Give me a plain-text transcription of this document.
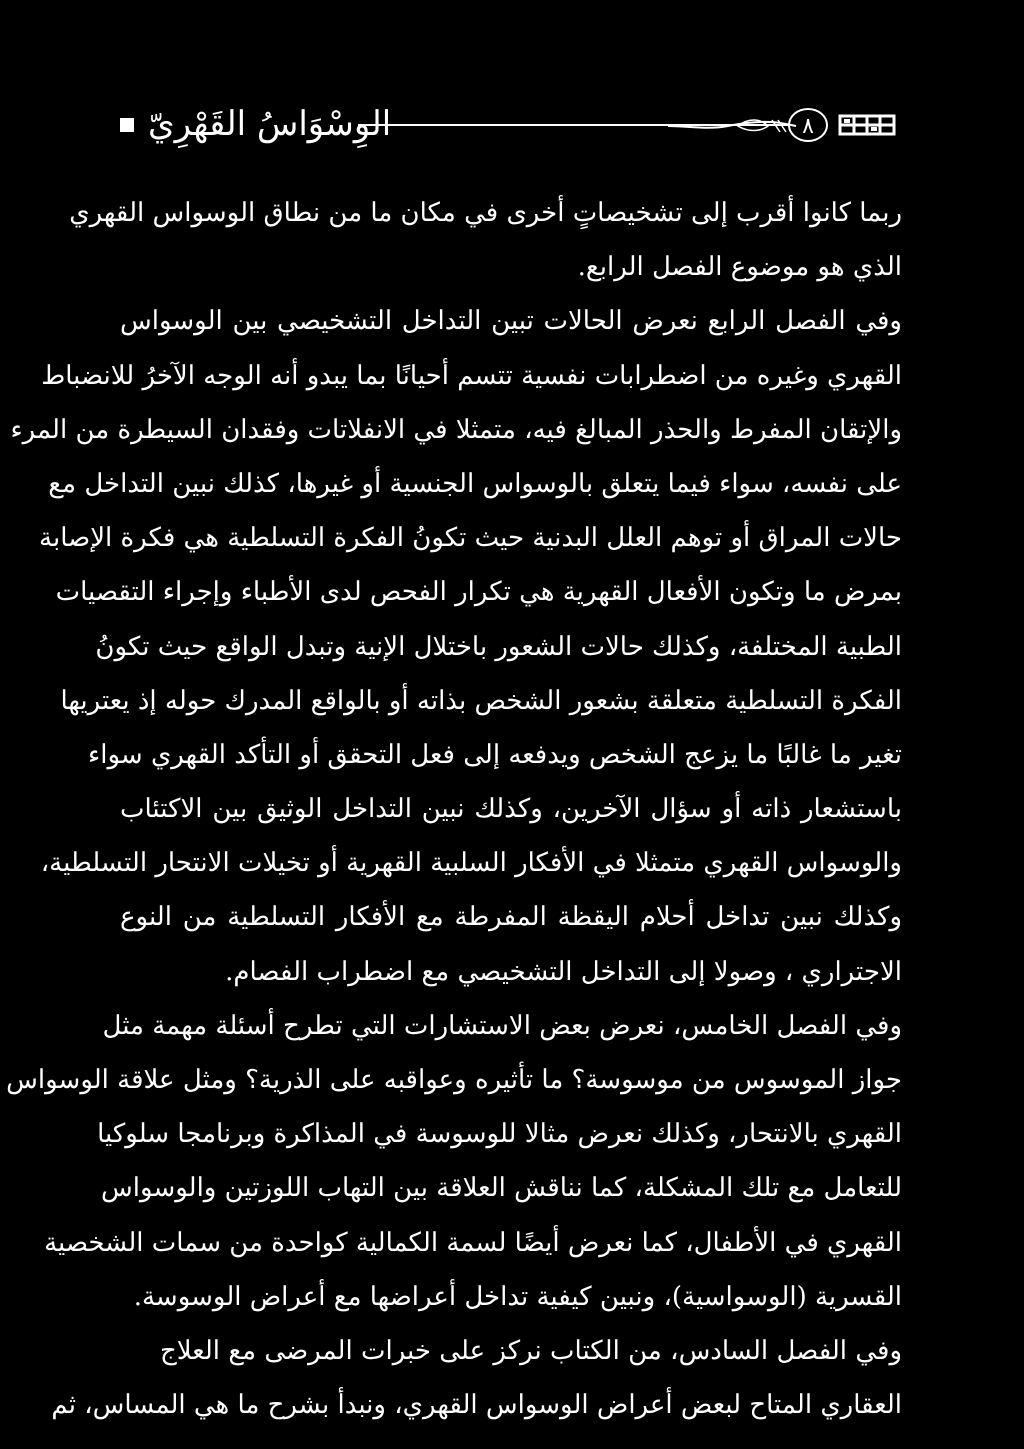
الوِسْوَاسُ القَهْرِيّ	٨
ربما كانوا أقرب إلى تشخيصاتٍ أخرى في مكان ما من نطاق الوسواس القهري
الذي هو موضوع الفصل الرابع.
وفي الفصل الرابع نعرض الحالات تبين التداخل التشخيصي بين الوسواس
القهري وغيره من اضطرابات نفسية تتسم أحيانًا بما يبدو أنه الوجه الآخرُ للانضباط
والإتقان المفرط والحذر المبالغ فيه، متمثلا في الانفلاتات وفقدان السيطرة من المرء
على نفسه، سواء فيما يتعلق بالوسواس الجنسية أو غيرها، كذلك نبين التداخل مع
حالات المراق أو توهم العلل البدنية حيث تكونُ الفكرة التسلطية هي فكرة الإصابة
بمرض ما وتكون الأفعال القهرية هي تكرار الفحص لدى الأطباء وإجراء التقصيات
الطبية المختلفة، وكذلك حالات الشعور باختلال الإنية وتبدل الواقع حيث تكونُ
الفكرة التسلطية متعلقة بشعور الشخص بذاته أو بالواقع المدرك حوله إذ يعتريها
تغير ما غالبًا ما يزعج الشخص ويدفعه إلى فعل التحقق أو التأكد القهري سواء
باستشعار ذاته أو سؤال الآخرين، وكذلك نبين التداخل الوثيق بين الاكتئاب
والوسواس القهري متمثلا في الأفكار السلبية القهرية أو تخيلات الانتحار التسلطية،
وكذلك نبين تداخل أحلام اليقظة المفرطة مع الأفكار التسلطية من النوع
الاجتراري ، وصولا إلى التداخل التشخيصي مع اضطراب الفصام.
وفي الفصل الخامس، نعرض بعض الاستشارات التي تطرح أسئلة مهمة مثل
جواز الموسوس من موسوسة؟ ما تأثيره وعواقبه على الذرية؟ ومثل علاقة الوسواس
القهري بالانتحار، وكذلك نعرض مثالا للوسوسة في المذاكرة وبرنامجا سلوكيا
للتعامل مع تلك المشكلة، كما نناقش العلاقة بين التهاب اللوزتين والوسواس
القهري في الأطفال، كما نعرض أيضًا لسمة الكمالية كواحدة من سمات الشخصية
القسرية (الوسواسية)، ونبين كيفية تداخل أعراضها مع أعراض الوسوسة.
وفي الفصل السادس، من الكتاب نركز على خبرات المرضى مع العلاج
العقاري المتاح لبعض أعراض الوسواس القهري، ونبدأ بشرح ما هي المساس، ثم
